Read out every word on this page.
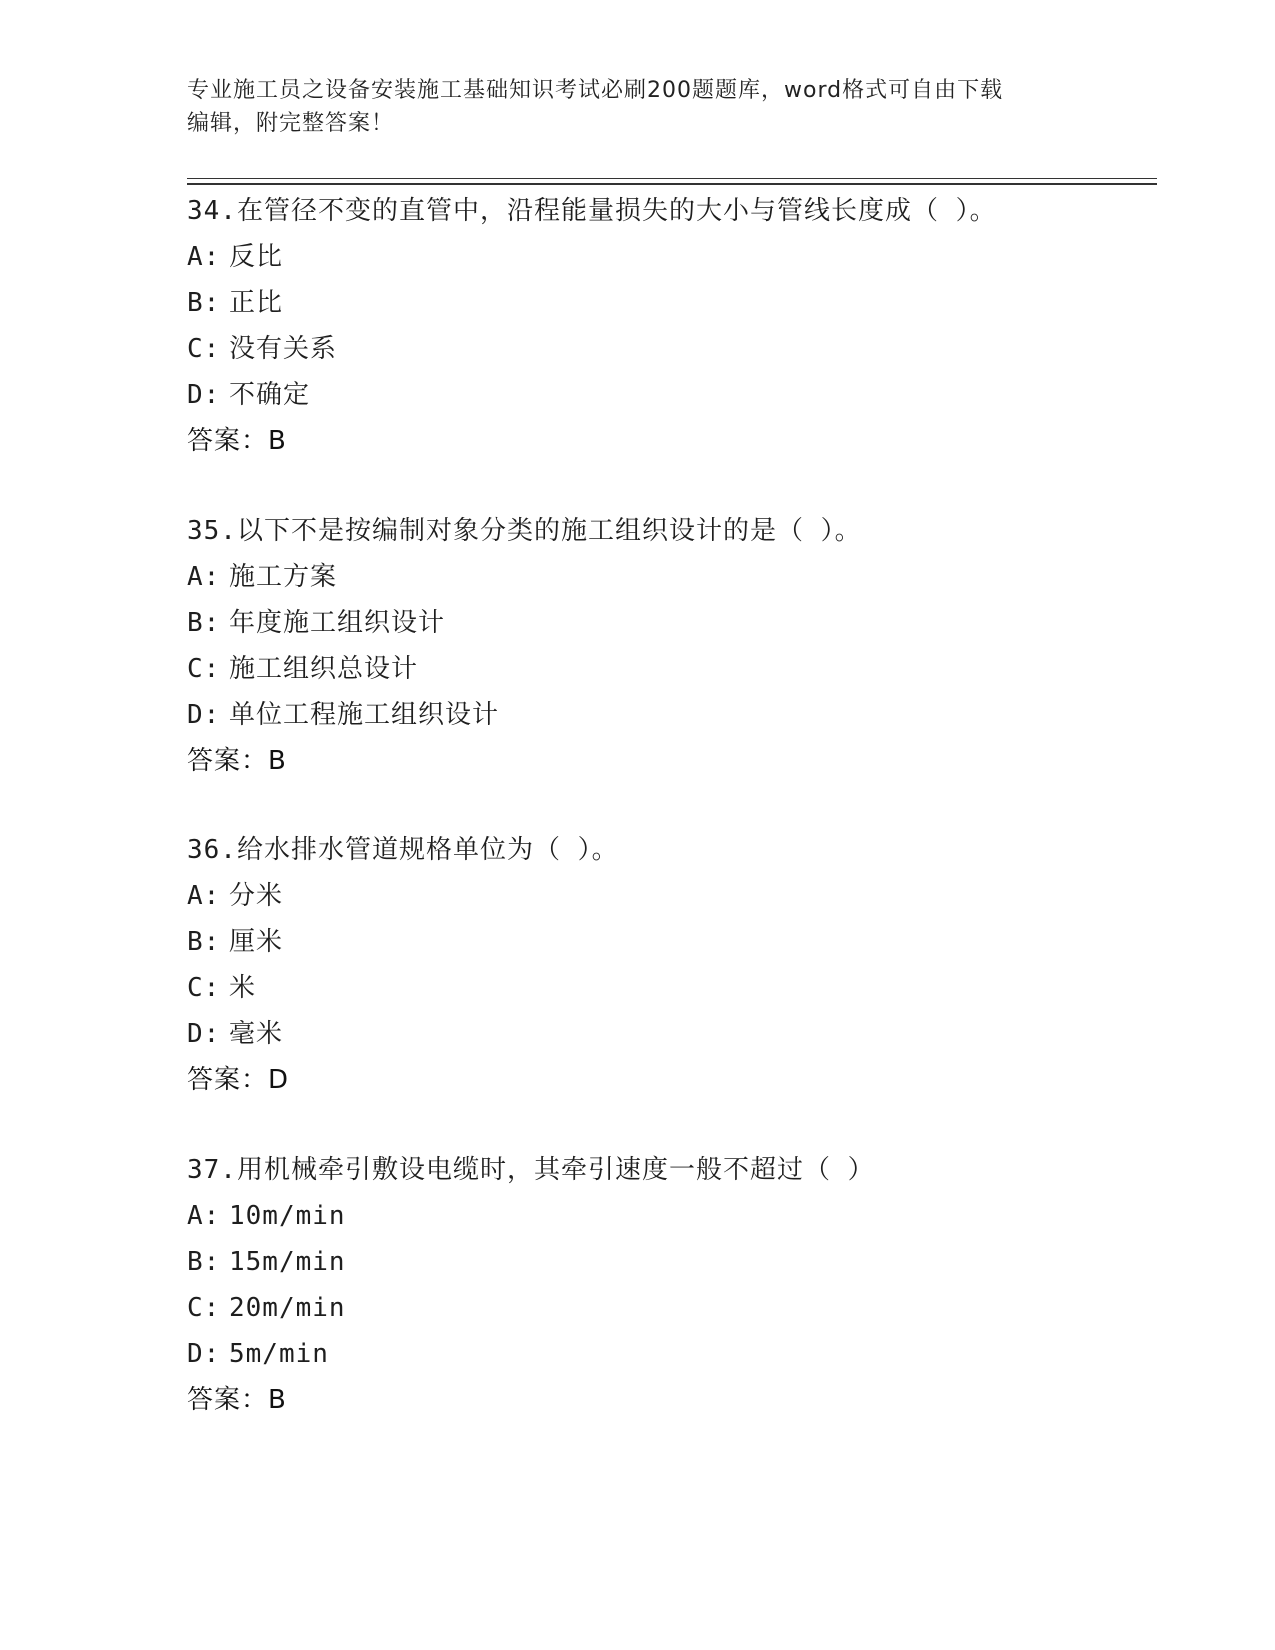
专业施工员之设备安装施工基础知识考试必刷200题题库，word格式可自由下载
编辑，附完整答案！
34.在管径不变的直管中，沿程能量损失的大小与管线长度成（ ）。
A: 反比
B: 正比
C: 没有关系
D: 不确定
答案：B
35.以下不是按编制对象分类的施工组织设计的是（ ）。
A: 施工方案
B: 年度施工组织设计
C: 施工组织总设计
D: 单位工程施工组织设计
答案：B
36.给水排水管道规格单位为（ ）。
A: 分米
B: 厘米
C: 米
D: 毫米
答案：D
37.用机械牵引敷设电缆时，其牵引速度一般不超过（ ）
A: 10m/min
B: 15m/min
C: 20m/min
D: 5m/min
答案：B
